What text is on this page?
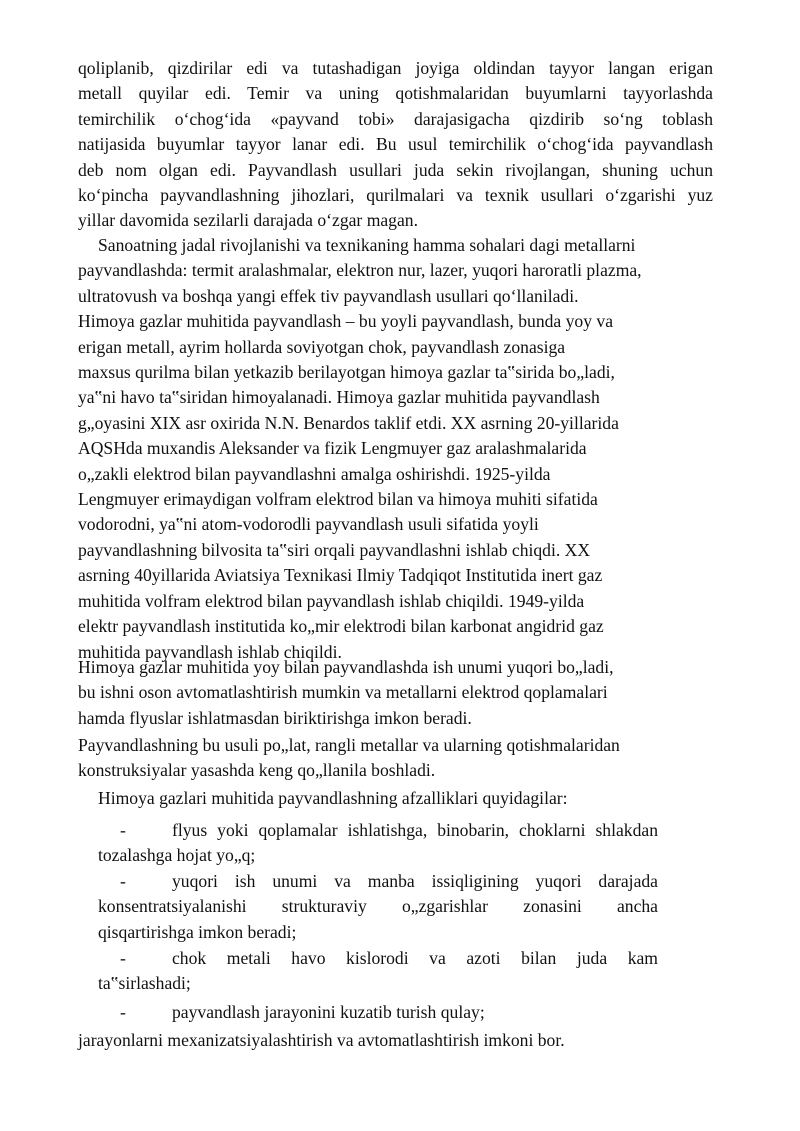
qoliplanib, qizdirilar edi va tutashadigan joyiga oldindan tayyor langan erigan
metall quyilar edi. Temir va uning qotishmalaridan buyumlarni tayyorlashda
temirchilik o‘chog‘ida «payvand tobi» darajasigacha qizdirib so‘ng toblash
natijasida buyumlar tayyor lanar edi. Bu usul temirchilik o‘chog‘ida payvandlash
deb nom olgan edi. Payvandlash usullari juda sekin rivojlangan, shuning uchun
ko‘pincha payvandlashning jihozlari, qurilmalari va texnik usullari o‘zgarishi yuz
yillar davomida sezilarli darajada o‘zgar magan.
Sanoatning jadal rivojlanishi va texnikaning hamma sohalari dagi metallarni
payvandlashda: termit aralashmalar, elektron nur, lazer, yuqori haroratli plazma,
ultratovush va boshqa yangi effek tiv payvandlash usullari qo‘llaniladi.
Himoya gazlar muhitida payvandlash – bu yoyli payvandlash, bunda yoy va
erigan metall, ayrim hollarda soviyotgan chok, payvandlash zonasiga
maxsus qurilma bilan yetkazib berilayotgan himoya gazlar ta‟sirida bo„ladi,
ya‟ni havo ta‟siridan himoyalanadi. Himoya gazlar muhitida payvandlash
g„oyasini XIX asr oxirida N.N. Benardos taklif etdi. XX asrning 20-yillarida
AQSHda muxandis Aleksander va fizik Lengmuyer gaz aralashmalarida
o„zakli elektrod bilan payvandlashni amalga oshirishdi. 1925-yilda
Lengmuyer erimaydigan volfram elektrod bilan va himoya muhiti sifatida
vodorodni, ya‟ni atom-vodorodli payvandlash usuli sifatida yoyli
payvandlashning bilvosita ta‟siri orqali payvandlashni ishlab chiqdi. XX
asrning 40yillarida Aviatsiya Texnikasi Ilmiy Tadqiqot Institutida inert gaz
muhitida volfram elektrod bilan payvandlash ishlab chiqildi. 1949-yilda
elektr payvandlash institutida ko„mir elektrodi bilan karbonat angidrid gaz
muhitida payvandlash ishlab chiqildi.
Himoya gazlar muhitida yoy bilan payvandlashda ish unumi yuqori bo„ladi,
bu ishni oson avtomatlashtirish mumkin va metallarni elektrod qoplamalari
hamda flyuslar ishlatmasdan biriktirishga imkon beradi.
Payvandlashning bu usuli po„lat, rangli metallar va ularning qotishmalaridan
konstruksiyalar yasashda keng qo„llanila boshladi.
Himoya gazlari muhitida payvandlashning afzalliklari quyidagilar:
-	flyus yoki qoplamalar ishlatishga, binobarin, choklarni shlakdan
tozalashga hojat yo„q;
-	yuqori ish unumi va manba issiqligining yuqori darajada
konsentratsiyalanishi strukturaviy o„zgarishlar zonasini ancha
qisqartirishga imkon beradi;
-	chok metali havo kislorodi va azoti bilan juda kam
ta‟sirlashadi;
-	payvandlash jarayonini kuzatib turish qulay;
jarayonlarni mexanizatsiyalashtirish va avtomatlashtirish imkoni bor.
